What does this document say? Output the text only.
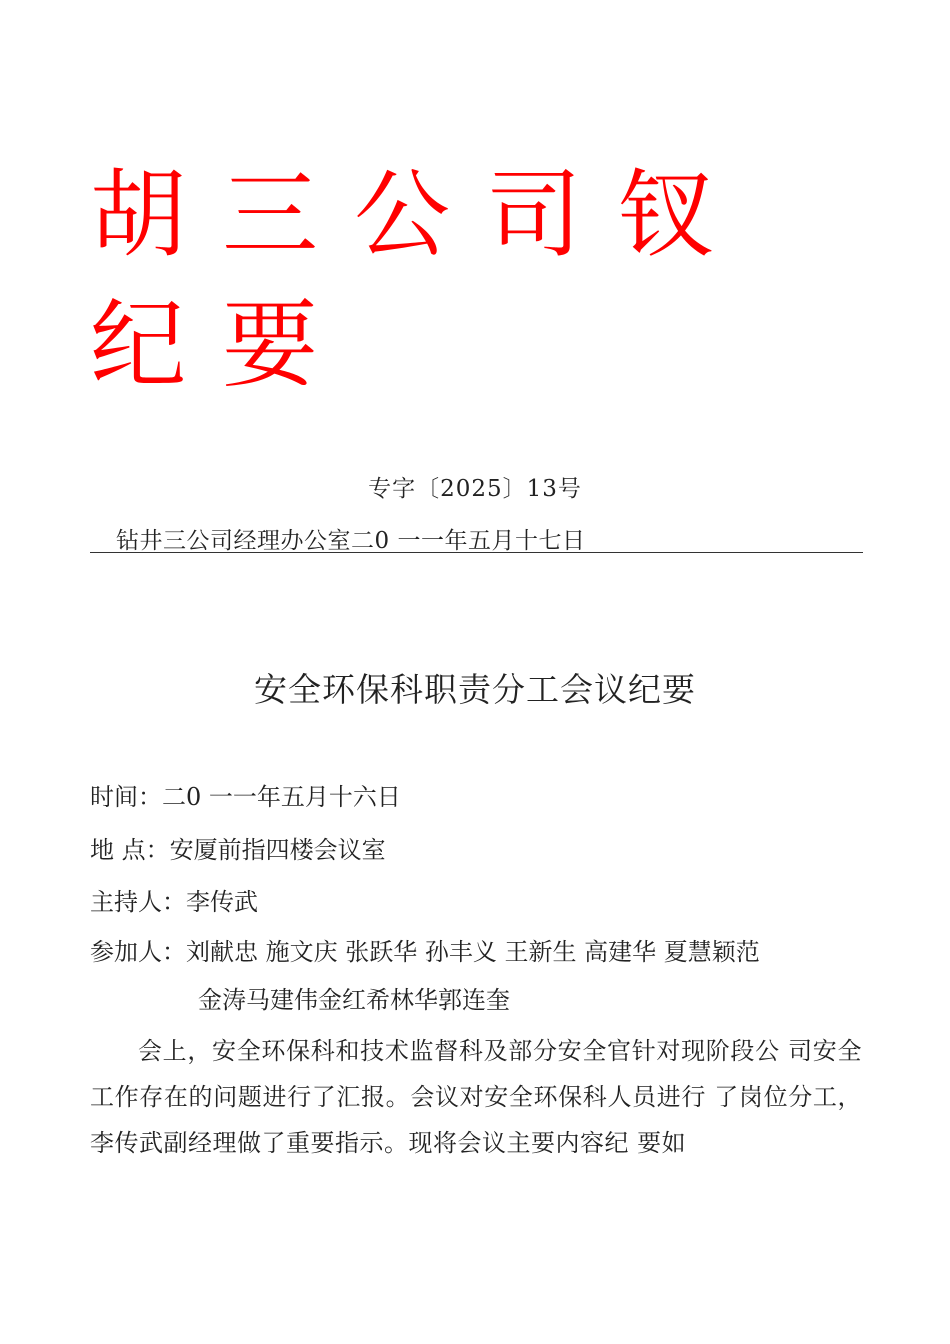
胡三公司钗纪要
专字〔2025〕13号
钻井三公司经理办公室二0 一一年五月十七日
安全环保科职责分工会议纪要
时间：二0 一一年五月十六日
地 点：安厦前指四楼会议室
主持人：李传武
参加人：刘献忠 施文庆 张跃华 孙丰义 王新生 高建华 夏慧颖范
金涛马建伟金红希林华郭连奎
会上，安全环保科和技术监督科及部分安全官针对现阶段公 司安全工作存在的问题进行了汇报。会议对安全环保科人员进行 了岗位分工，李传武副经理做了重要指示。现将会议主要内容纪 要如
